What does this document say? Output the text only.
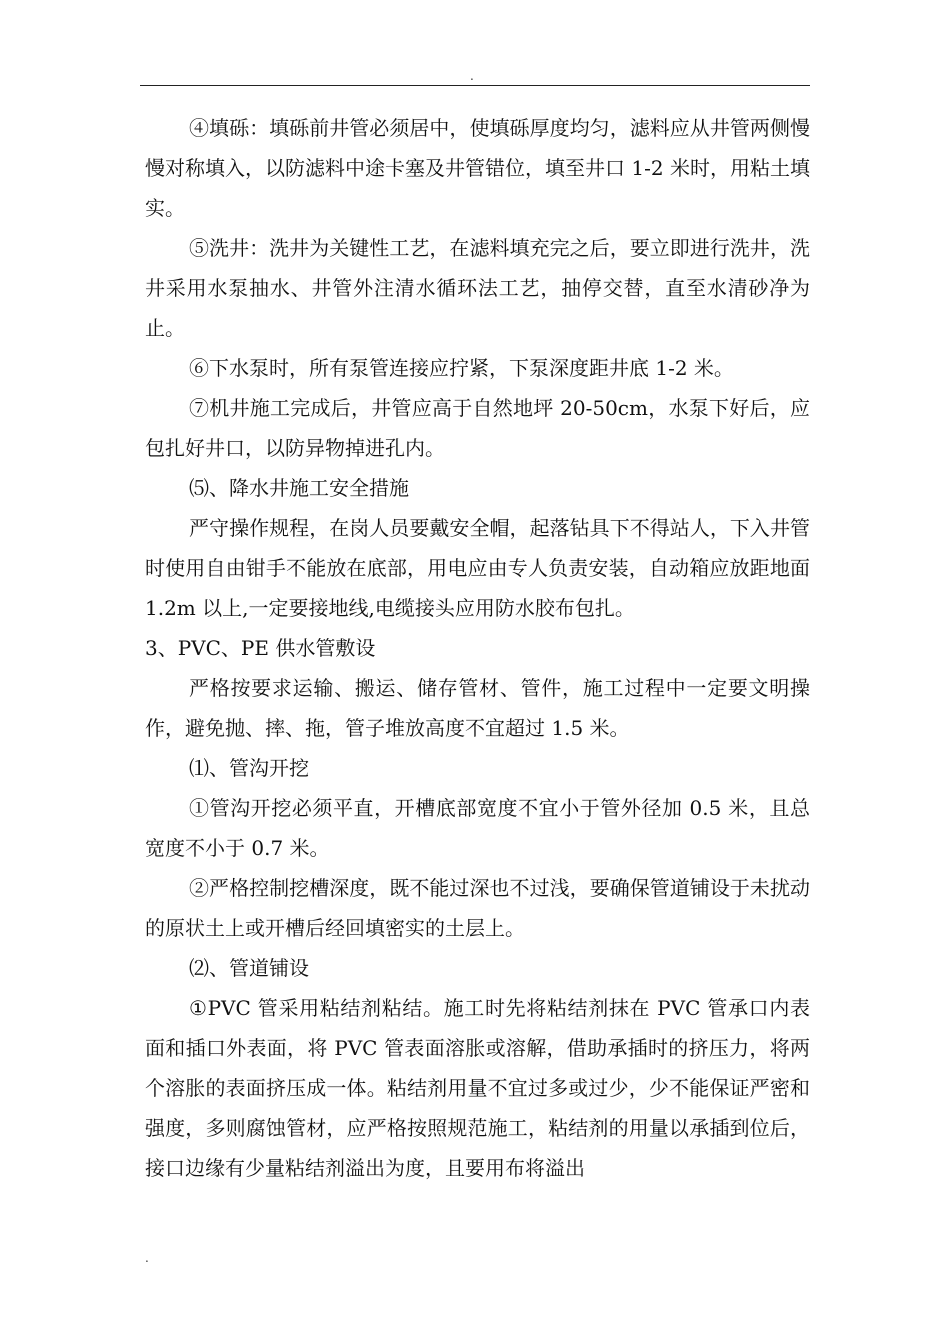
.

④填砾：填砾前井管必须居中，使填砾厚度均匀，滤料应从井管两侧慢慢对称填入，以防滤料中途卡塞及井管错位，填至井口 1-2 米时，用粘土填实。

⑤洗井：洗井为关键性工艺，在滤料填充完之后，要立即进行洗井，洗井采用水泵抽水、井管外注清水循环法工艺，抽停交替，直至水清砂净为止。

⑥下水泵时，所有泵管连接应拧紧，下泵深度距井底 1-2 米。

⑦机井施工完成后，井管应高于自然地坪 20-50cm，水泵下好后，应包扎好井口，以防异物掉进孔内。

⑸、降水井施工安全措施

严守操作规程，在岗人员要戴安全帽，起落钻具下不得站人，下入井管时使用自由钳手不能放在底部，用电应由专人负责安装，自动箱应放距地面 1.2m 以上,一定要接地线,电缆接头应用防水胶布包扎。

3、PVC、PE 供水管敷设

严格按要求运输、搬运、储存管材、管件，施工过程中一定要文明操作，避免抛、摔、拖，管子堆放高度不宜超过 1.5 米。

⑴、管沟开挖

①管沟开挖必须平直，开槽底部宽度不宜小于管外径加 0.5 米，且总宽度不小于 0.7 米。

②严格控制挖槽深度，既不能过深也不过浅，要确保管道铺设于未扰动的原状土上或开槽后经回填密实的土层上。

⑵、管道铺设

①PVC 管采用粘结剂粘结。施工时先将粘结剂抹在 PVC 管承口内表面和插口外表面，将 PVC 管表面溶胀或溶解，借助承插时的挤压力，将两个溶胀的表面挤压成一体。粘结剂用量不宜过多或过少，少不能保证严密和强度，多则腐蚀管材，应严格按照规范施工，粘结剂的用量以承插到位后，接口边缘有少量粘结剂溢出为度，且要用布将溢出

.
